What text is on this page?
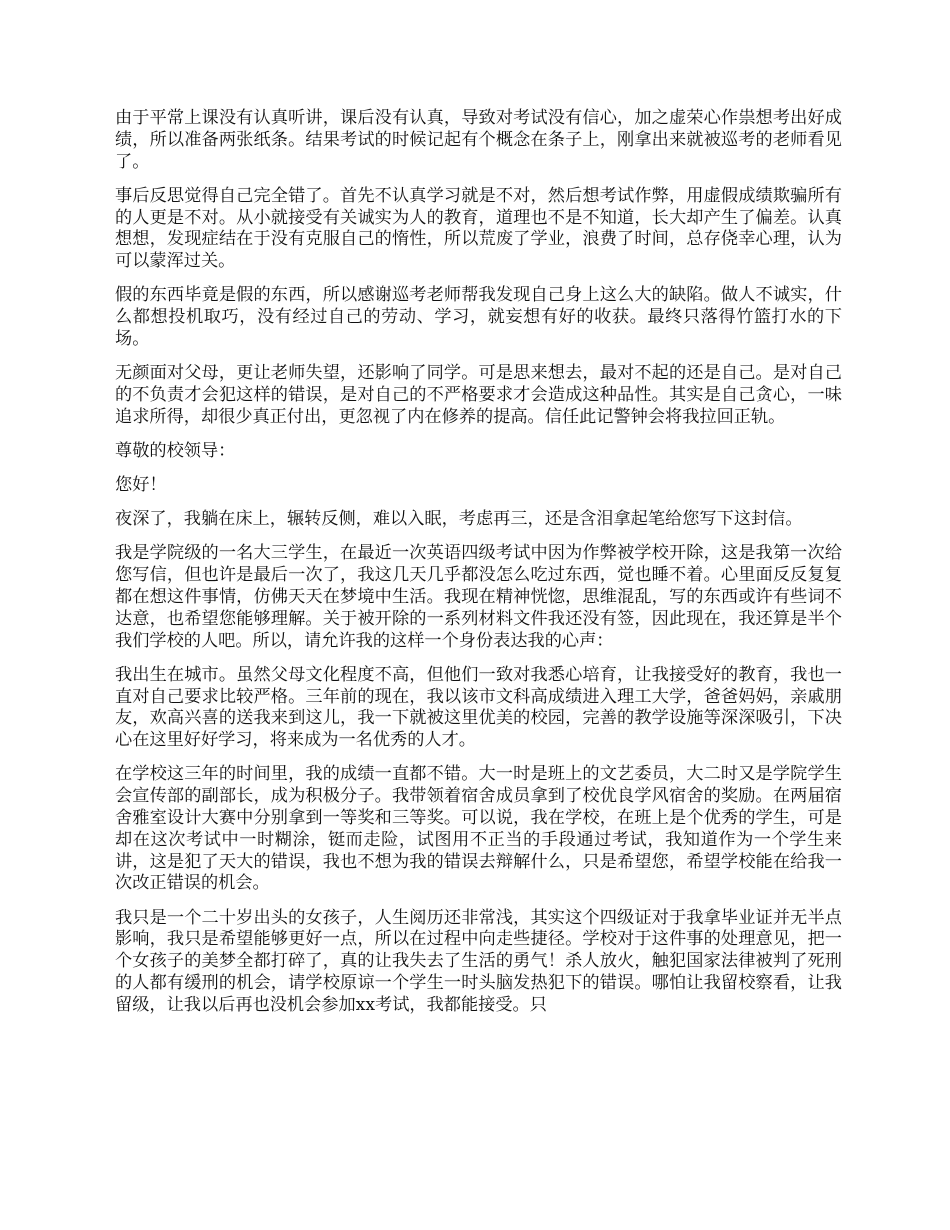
由于平常上课没有认真听讲，课后没有认真，导致对考试没有信心，加之虚荣心作祟想考出好成绩，所以准备两张纸条。结果考试的时候记起有个概念在条子上，刚拿出来就被巡考的老师看见了。

事后反思觉得自己完全错了。首先不认真学习就是不对，然后想考试作弊，用虚假成绩欺骗所有的人更是不对。从小就接受有关诚实为人的教育，道理也不是不知道，长大却产生了偏差。认真想想，发现症结在于没有克服自己的惰性，所以荒废了学业，浪费了时间，总存侥幸心理，认为可以蒙浑过关。

假的东西毕竟是假的东西，所以感谢巡考老师帮我发现自己身上这么大的缺陷。做人不诚实，什么都想投机取巧，没有经过自己的劳动、学习，就妄想有好的收获。最终只落得竹篮打水的下场。

无颜面对父母，更让老师失望，还影响了同学。可是思来想去，最对不起的还是自己。是对自己的不负责才会犯这样的错误，是对自己的不严格要求才会造成这种品性。其实是自己贪心，一味追求所得，却很少真正付出，更忽视了内在修养的提高。信任此记警钟会将我拉回正轨。

尊敬的校领导：

您好！

夜深了，我躺在床上，辗转反侧，难以入眠，考虑再三，还是含泪拿起笔给您写下这封信。

我是学院级的一名大三学生，在最近一次英语四级考试中因为作弊被学校开除，这是我第一次给您写信，但也许是最后一次了，我这几天几乎都没怎么吃过东西，觉也睡不着。心里面反反复复都在想这件事情，仿佛天天在梦境中生活。我现在精神恍惚，思维混乱，写的东西或许有些词不达意，也希望您能够理解。关于被开除的一系列材料文件我还没有签，因此现在，我还算是半个我们学校的人吧。所以，请允许我的这样一个身份表达我的心声：

我出生在城市。虽然父母文化程度不高，但他们一致对我悉心培育，让我接受好的教育，我也一直对自己要求比较严格。三年前的现在，我以该市文科高成绩进入理工大学，爸爸妈妈，亲戚朋友，欢高兴喜的送我来到这儿，我一下就被这里优美的校园，完善的教学设施等深深吸引，下决心在这里好好学习，将来成为一名优秀的人才。

在学校这三年的时间里，我的成绩一直都不错。大一时是班上的文艺委员，大二时又是学院学生会宣传部的副部长，成为积极分子。我带领着宿舍成员拿到了校优良学风宿舍的奖励。在两届宿舍雅室设计大赛中分别拿到一等奖和三等奖。可以说，我在学校，在班上是个优秀的学生，可是却在这次考试中一时糊涂，铤而走险，试图用不正当的手段通过考试，我知道作为一个学生来讲，这是犯了天大的错误，我也不想为我的错误去辩解什么，只是希望您，希望学校能在给我一次改正错误的机会。

我只是一个二十岁出头的女孩子，人生阅历还非常浅，其实这个四级证对于我拿毕业证并无半点影响，我只是希望能够更好一点，所以在过程中向走些捷径。学校对于这件事的处理意见，把一个女孩子的美梦全都打碎了，真的让我失去了生活的勇气！杀人放火，触犯国家法律被判了死刑的人都有缓刑的机会，请学校原谅一个学生一时头脑发热犯下的错误。哪怕让我留校察看，让我留级，让我以后再也没机会参加xx考试，我都能接受。只
